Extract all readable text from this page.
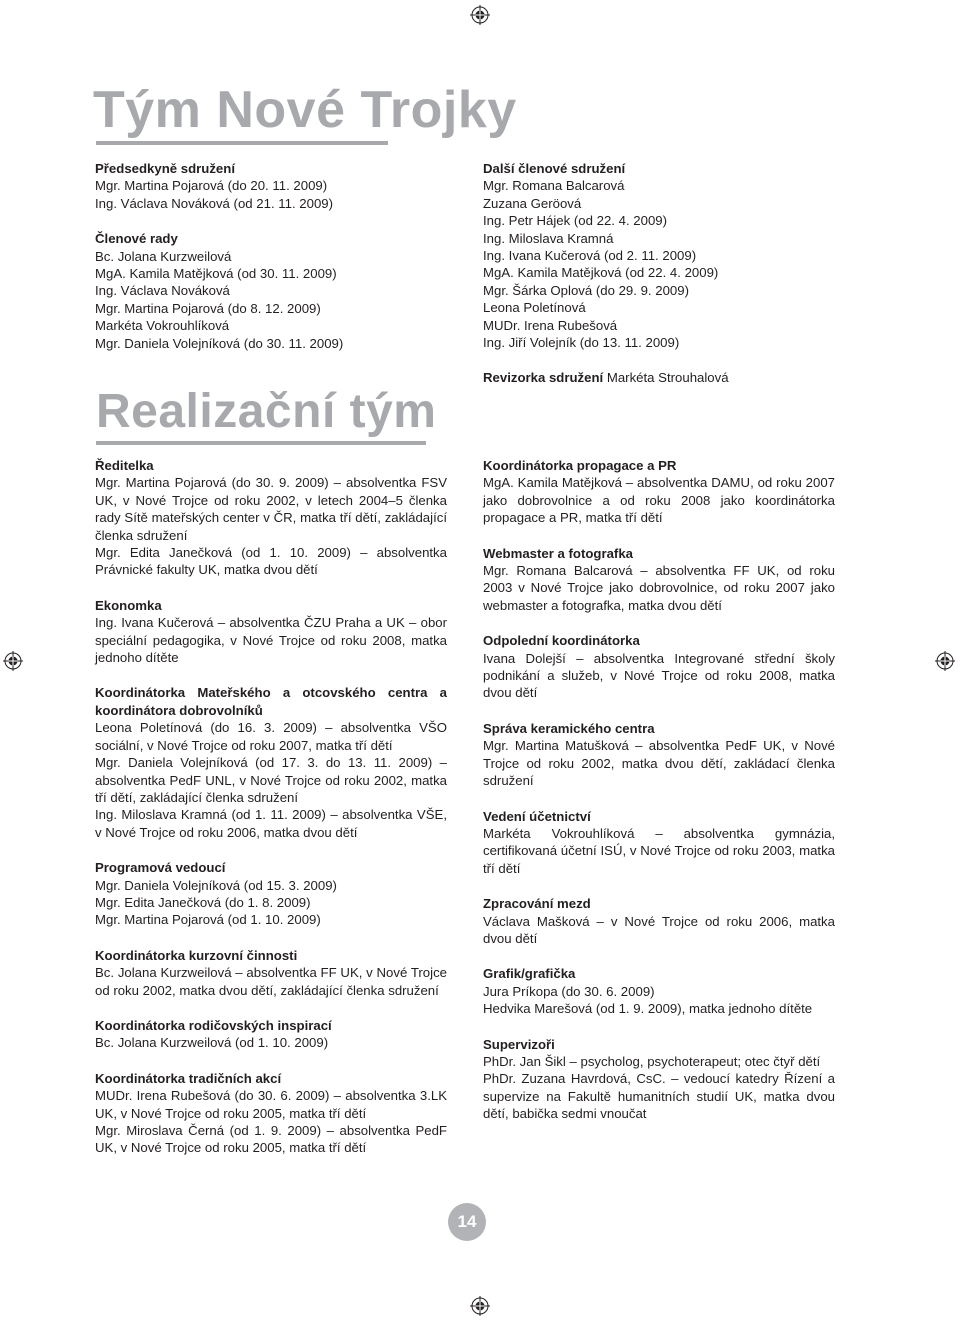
Tým Nové Trojky
Realizační tým

Předsedkyně sdružení

Mgr. Martina Pojarová (do 20. 11. 2009)

Ing. Václava Nováková (od 21. 11. 2009)

Členové rady

Bc. Jolana Kurzweilová

MgA. Kamila Matějková (od 30. 11. 2009)

Ing. Václava Nováková

Mgr. Martina Pojarová (do 8. 12. 2009)

Markéta Vokrouhlíková

Mgr. Daniela Volejníková (do 30. 11. 2009)

Další členové sdružení

Mgr. Romana Balcarová

Zuzana Geröová

Ing. Petr Hájek (od 22. 4. 2009)

Ing. Miloslava Kramná

Ing. Ivana Kučerová (od 2. 11. 2009)

MgA. Kamila Matějková (od 22. 4. 2009)

Mgr. Šárka Oplová (do 29. 9. 2009)

Leona Poletínová

MUDr. Irena Rubešová

Ing. Jiří Volejník (do 13. 11. 2009)

Revizorka sdružení Markéta Strouhalová

Ředitelka

Mgr. Martina Pojarová (do 30. 9. 2009) – absolventka FSV UK, v Nové Trojce od roku 2002, v letech 2004–5 členka rady Sítě mateřských center v ČR, matka tří dětí, zakládající členka sdružení

Mgr. Edita Janečková (od 1. 10. 2009) – absolventka Právnické fakulty UK, matka dvou dětí

Ekonomka

Ing. Ivana Kučerová – absolventka ČZU Praha a UK – obor speciální pedagogika, v Nové Trojce od roku 2008, matka jednoho dítěte

Koordinátorka Mateřského a otcovského centra a koordinátora dobrovolníků

Leona Poletínová (do 16. 3. 2009) – absolventka VŠO sociální, v Nové Trojce od roku 2007, matka tří dětí

Mgr. Daniela Volejníková (od 17. 3. do 13. 11. 2009) – absolventka PedF UNL, v Nové Trojce od roku 2002, matka tří dětí, zakládající členka sdružení

Ing. Miloslava Kramná (od 1. 11. 2009) – absolventka VŠE, v Nové Trojce od roku 2006, matka dvou dětí

Programová vedoucí

Mgr. Daniela Volejníková (od 15. 3. 2009)

Mgr. Edita Janečková (do 1. 8. 2009)

Mgr. Martina Pojarová (od 1. 10. 2009)

Koordinátorka kurzovní činnosti

Bc. Jolana Kurzweilová – absolventka FF UK, v Nové Trojce od roku 2002, matka dvou dětí, zakládající členka sdružení

Koordinátorka rodičovských inspirací

Bc. Jolana Kurzweilová (od 1. 10. 2009)

Koordinátorka tradičních akcí

MUDr. Irena Rubešová (do 30. 6. 2009) – absolventka 3.LK UK, v Nové Trojce od roku 2005, matka tří dětí

Mgr. Miroslava Černá (od 1. 9. 2009) – absolventka PedF UK, v Nové Trojce od roku 2005, matka tří dětí

Koordinátorka propagace a PR

MgA. Kamila Matějková – absolventka DAMU, od roku 2007 jako dobrovolnice a od roku 2008 jako koordinátorka propagace a PR, matka tří dětí

Webmaster a fotografka

Mgr. Romana Balcarová – absolventka FF UK, od roku 2003 v Nové Trojce jako dobrovolnice, od roku 2007 jako webmaster a fotografka, matka dvou dětí

Odpolední koordinátorka

Ivana Dolejší – absolventka Integrované střední školy podnikání a služeb, v Nové Trojce od roku 2008, matka dvou dětí

Správa keramického centra

Mgr. Martina Matušková – absolventka PedF UK, v Nové Trojce od roku 2002, matka dvou dětí, zakládací členka sdružení

Vedení účetnictví

Markéta Vokrouhlíková – absolventka gymnázia, certifikovaná účetní ISÚ, v Nové Trojce od roku 2003, matka tří dětí

Zpracování mezd

Václava Mašková – v Nové Trojce od roku 2006, matka dvou dětí

Grafik/grafička

Jura Príkopa (do 30. 6. 2009)

Hedvika Marešová (od 1. 9. 2009), matka jednoho dítěte

Supervizoři

PhDr. Jan Šikl – psycholog, psychoterapeut; otec čtyř dětí

PhDr. Zuzana Havrdová, CsC. – vedoucí katedry Řízení a supervize na Fakultě humanitních studií UK, matka dvou dětí, babička sedmi vnoučat

14
